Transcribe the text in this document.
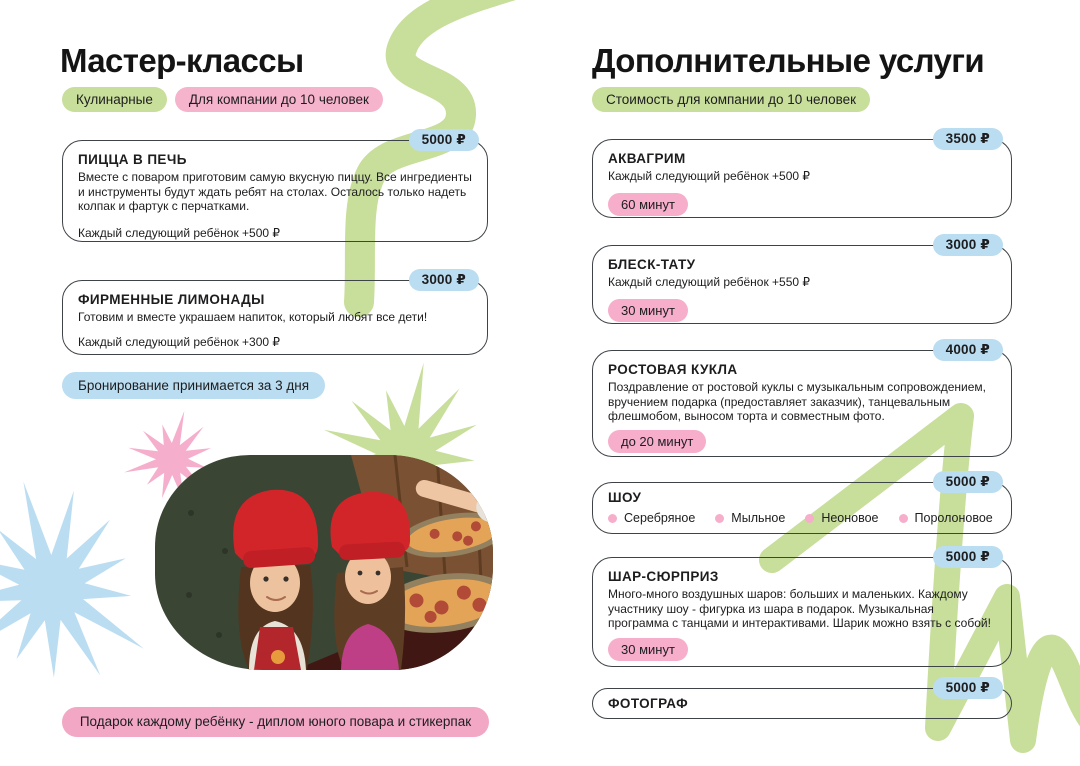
Мастер-классы
Кулинарные	Для компании до 10 человек
5000 ₽
ПИЦЦА В ПЕЧЬ
Вместе с поваром приготовим самую вкусную пиццу. Все ингредиенты и инструменты будут ждать ребят на столах. Осталось только надеть колпак и фартук с перчатками.
Каждый следующий ребёнок +500 ₽
3000 ₽
ФИРМЕННЫЕ ЛИМОНАДЫ
Готовим и вместе украшаем напиток, который любят все дети!
Каждый следующий ребёнок +300 ₽
Бронирование принимается за 3 дня
Подарок каждому ребёнку - диплом юного повара и стикерпак
Дополнительные услуги
Стоимость для компании до 10 человек
3500 ₽
АКВАГРИМ
Каждый следующий ребёнок +500 ₽
60 минут
3000 ₽
БЛЕСК-ТАТУ
Каждый следующий ребёнок +550 ₽
30 минут
4000 ₽
РОСТОВАЯ КУКЛА
Поздравление от ростовой куклы с музыкальным сопровождением, вручением подарка (предоставляет заказчик), танцевальным флешмобом, выносом торта и совместным фото.
до 20 минут
5000 ₽
ШОУ
Серебряное	Мыльное	Неоновое	Поролоновое
5000 ₽
ШАР-СЮРПРИЗ
Много-много воздушных шаров: больших и маленьких. Каждому участнику шоу - фигурка из шара в подарок. Музыкальная программа с танцами и интерактивами. Шарик можно взять с собой!
30 минут
5000 ₽
ФОТОГРАФ
